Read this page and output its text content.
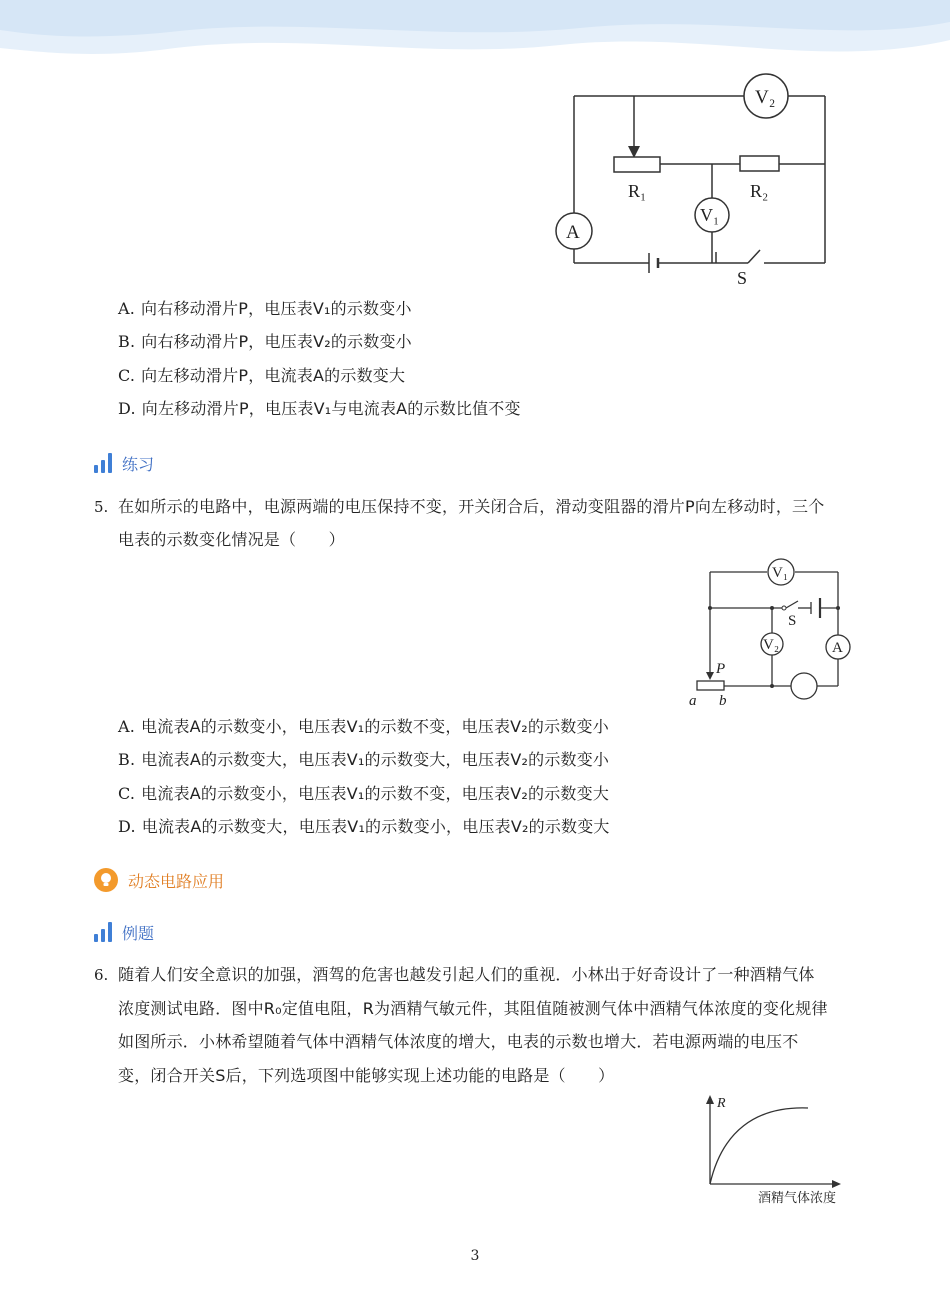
V₂
R₁	R₂
V₁
A
S
A. 向右移动滑片P，电压表V₁的示数变小
B. 向右移动滑片P，电压表V₂的示数变小
C. 向左移动滑片P，电流表A的示数变大
D. 向左移动滑片P，电压表V₁与电流表A的示数比值不变
练习
5. 在如所示的电路中，电源两端的电压保持不变，开关闭合后，滑动变阻器的滑片P向左移动时，三个
电表的示数变化情况是（　　）
V₁
V₂	A
S
P
a b
A. 电流表A的示数变小，电压表V₁的示数不变，电压表V₂的示数变小
B. 电流表A的示数变大，电压表V₁的示数变大，电压表V₂的示数变小
C. 电流表A的示数变小，电压表V₁的示数不变，电压表V₂的示数变大
D. 电流表A的示数变大，电压表V₁的示数变小，电压表V₂的示数变大
动态电路应用
例题
6. 随着人们安全意识的加强，酒驾的危害也越发引起人们的重视．小林出于好奇设计了一种酒精气体
浓度测试电路．图中R₀定值电阻，R为酒精气敏元件，其阻值随被测气体中酒精气体浓度的变化规律
如图所示．小林希望随着气体中酒精气体浓度的增大，电表的示数也增大．若电源两端的电压不
变，闭合开关S后，下列选项图中能够实现上述功能的电路是（　　）
R
酒精气体浓度
3
